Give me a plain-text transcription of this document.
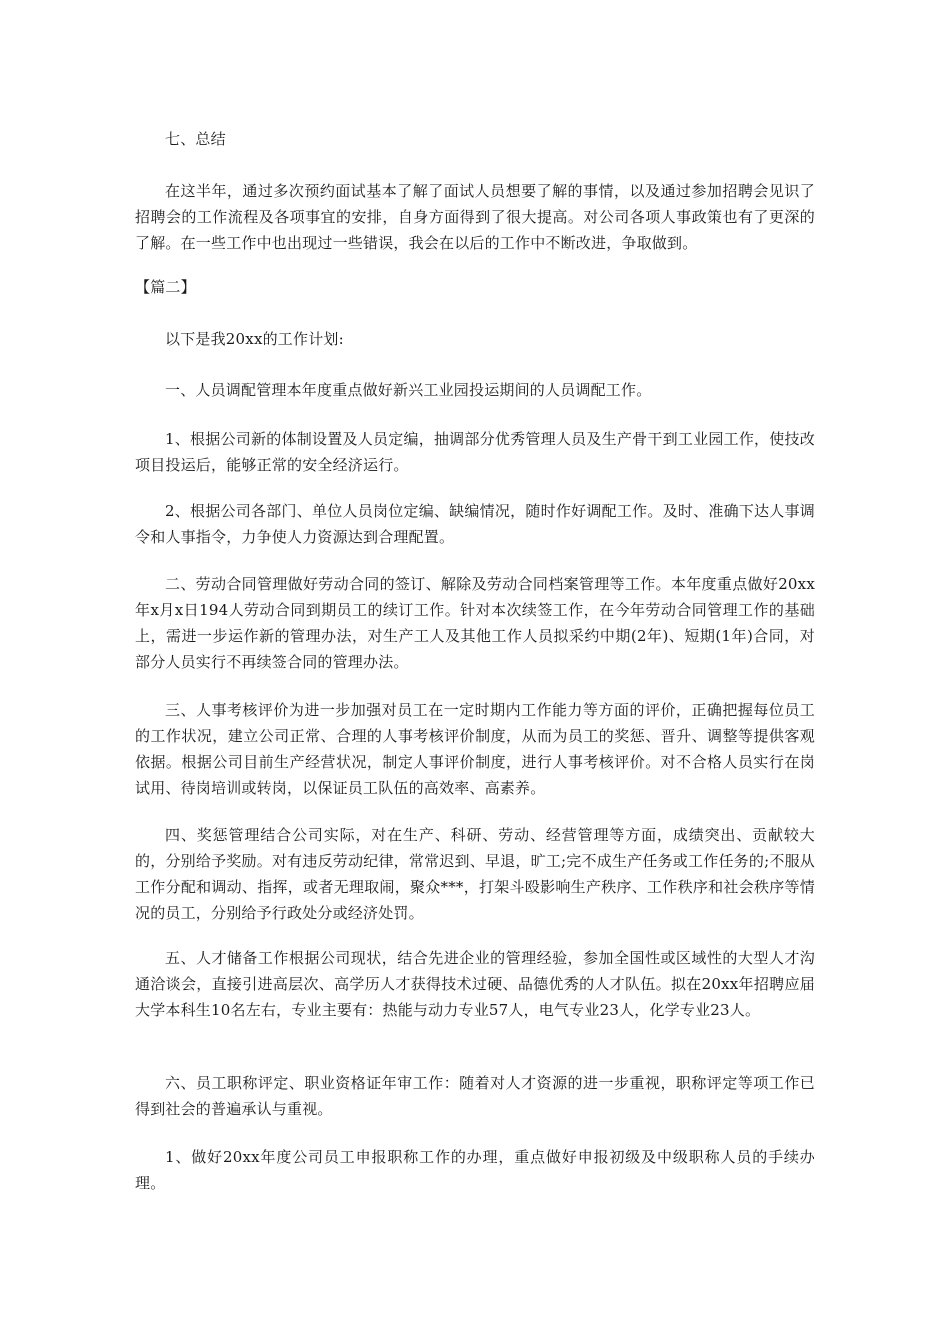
七、总结

在这半年，通过多次预约面试基本了解了面试人员想要了解的事情，以及通过参加招聘会见识了招聘会的工作流程及各项事宜的安排，自身方面得到了很大提高。对公司各项人事政策也有了更深的了解。在一些工作中也出现过一些错误，我会在以后的工作中不断改进，争取做到。

【篇二】

以下是我20xx的工作计划:

一、人员调配管理本年度重点做好新兴工业园投运期间的人员调配工作。

1、根据公司新的体制设置及人员定编，抽调部分优秀管理人员及生产骨干到工业园工作，使技改项目投运后，能够正常的安全经济运行。

2、根据公司各部门、单位人员岗位定编、缺编情况，随时作好调配工作。及时、准确下达人事调令和人事指令，力争使人力资源达到合理配置。

二、劳动合同管理做好劳动合同的签订、解除及劳动合同档案管理等工作。本年度重点做好20xx年x月x日194人劳动合同到期员工的续订工作。针对本次续签工作，在今年劳动合同管理工作的基础上，需进一步运作新的管理办法，对生产工人及其他工作人员拟采约中期(2年)、短期(1年)合同，对部分人员实行不再续签合同的管理办法。

三、人事考核评价为进一步加强对员工在一定时期内工作能力等方面的评价，正确把握每位员工的工作状况，建立公司正常、合理的人事考核评价制度，从而为员工的奖惩、晋升、调整等提供客观依据。根据公司目前生产经营状况，制定人事评价制度，进行人事考核评价。对不合格人员实行在岗试用、待岗培训或转岗，以保证员工队伍的高效率、高素养。

四、奖惩管理结合公司实际，对在生产、科研、劳动、经营管理等方面，成绩突出、贡献较大的，分别给予奖励。对有违反劳动纪律，常常迟到、早退，旷工;完不成生产任务或工作任务的;不服从工作分配和调动、指挥，或者无理取闹，聚众***，打架斗殴影响生产秩序、工作秩序和社会秩序等情况的员工，分别给予行政处分或经济处罚。

五、人才储备工作根据公司现状，结合先进企业的管理经验，参加全国性或区域性的大型人才沟通洽谈会，直接引进高层次、高学历人才获得技术过硬、品德优秀的人才队伍。拟在20xx年招聘应届大学本科生10名左右，专业主要有：热能与动力专业57人，电气专业23人，化学专业23人。

六、员工职称评定、职业资格证年审工作：随着对人才资源的进一步重视，职称评定等项工作已得到社会的普遍承认与重视。

1、做好20xx年度公司员工申报职称工作的办理，重点做好申报初级及中级职称人员的手续办理。
